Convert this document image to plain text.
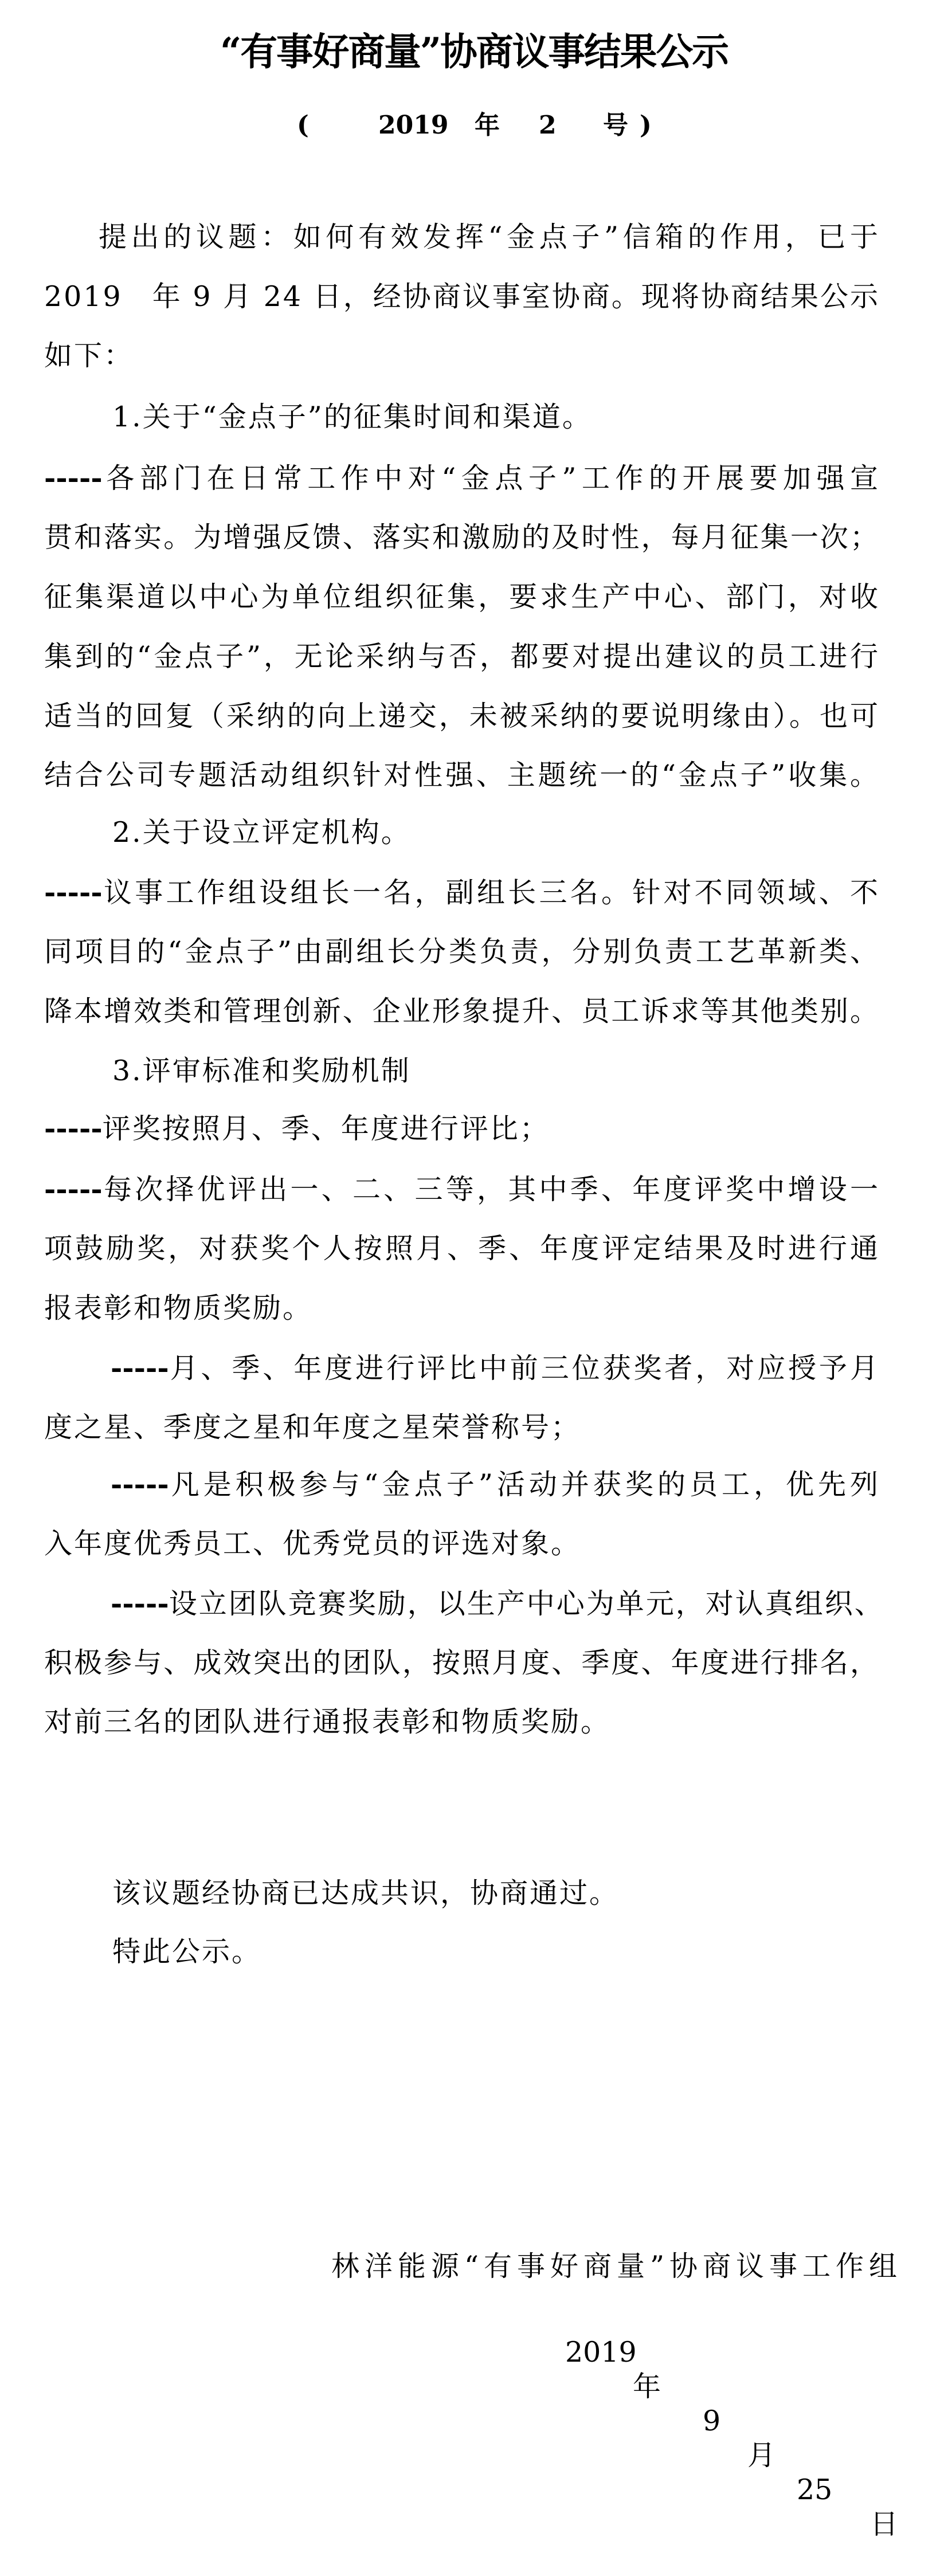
“有事好商量”协商议事结果公示

(

	2019

年

2

号

)

提出的议题：如何有效发挥“金点子”信箱的作用，已于
2019　年 9 月 24 日，经协商议事室协商。现将协商结果公示
如下：
1.关于“金点子”的征集时间和渠道。
-----各部门在日常工作中对“金点子”工作的开展要加强宣
贯和落实。为增强反馈、落实和激励的及时性，每月征集一次；
征集渠道以中心为单位组织征集，要求生产中心、部门，对收
集到的“金点子”，无论采纳与否，都要对提出建议的员工进行
适当的回复（采纳的向上递交，未被采纳的要说明缘由）。也可
结合公司专题活动组织针对性强、主题统一的“金点子”收集。
2.关于设立评定机构。
-----议事工作组设组长一名，副组长三名。针对不同领域、不
同项目的“金点子”由副组长分类负责，分别负责工艺革新类、
降本增效类和管理创新、企业形象提升、员工诉求等其他类别。
3.评审标准和奖励机制
-----评奖按照月、季、年度进行评比；
-----每次择优评出一、二、三等，其中季、年度评奖中增设一
项鼓励奖，对获奖个人按照月、季、年度评定结果及时进行通
报表彰和物质奖励。
-----月、季、年度进行评比中前三位获奖者，对应授予月
度之星、季度之星和年度之星荣誉称号；
-----凡是积极参与“金点子”活动并获奖的员工，优先列
入年度优秀员工、优秀党员的评选对象。
-----设立团队竞赛奖励，以生产中心为单元，对认真组织、
积极参与、成效突出的团队，按照月度、季度、年度进行排名，
对前三名的团队进行通报表彰和物质奖励。
该议题经协商已达成共识，协商通过。
特此公示。
林洋能源“有事好商量”协商议事工作组

2019

年

9

月

25

日
